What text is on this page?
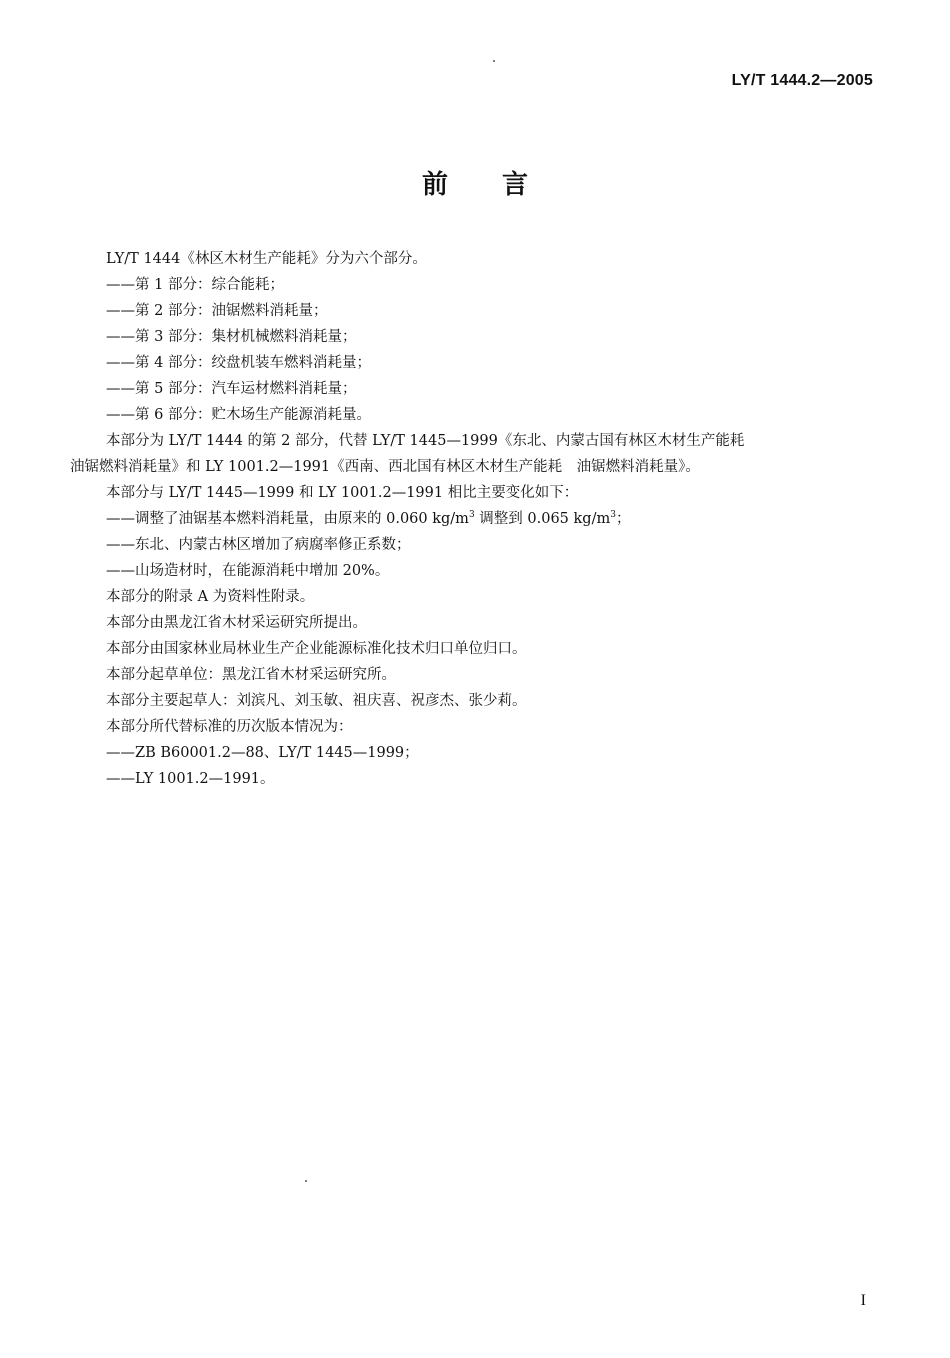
LY/T 1444.2—2005
前言

LY/T 1444《林区木材生产能耗》分为六个部分。

——第 1 部分：综合能耗；

——第 2 部分：油锯燃料消耗量；

——第 3 部分：集材机械燃料消耗量；

——第 4 部分：绞盘机装车燃料消耗量；

——第 5 部分：汽车运材燃料消耗量；

——第 6 部分：贮木场生产能源消耗量。

本部分为 LY/T 1444 的第 2 部分，代替 LY/T 1445—1999《东北、内蒙古国有林区木材生产能耗

油锯燃料消耗量》和 LY 1001.2—1991《西南、西北国有林区木材生产能耗　油锯燃料消耗量》。

本部分与 LY/T 1445—1999 和 LY 1001.2—1991 相比主要变化如下：

——调整了油锯基本燃料消耗量，由原来的 0.060 $kg/m^3$ 调整到 0.065 $kg/m^3$；

——东北、内蒙古林区增加了病腐率修正系数；

——山场造材时，在能源消耗中增加 20%。

本部分的附录 A 为资料性附录。

本部分由黑龙江省木材采运研究所提出。

本部分由国家林业局林业生产企业能源标准化技术归口单位归口。

本部分起草单位：黑龙江省木材采运研究所。

本部分主要起草人：刘滨凡、刘玉敏、祖庆喜、祝彦杰、张少莉。

本部分所代替标准的历次版本情况为：

——ZB B60001.2—88、LY/T 1445—1999；

——LY 1001.2—1991。

I
